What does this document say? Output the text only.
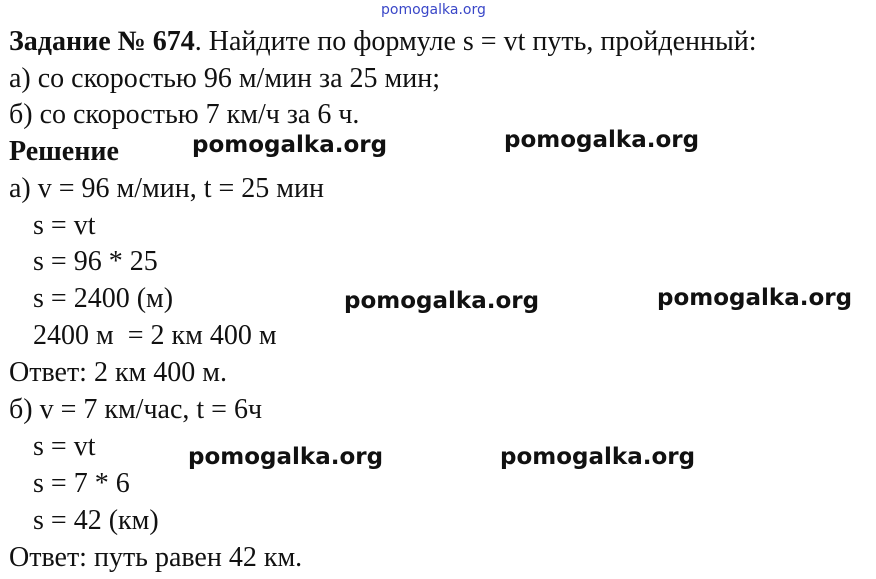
pomogalka.org
Задание № 674. Найдите по формуле s = vt путь, пройденный:
а) со скоростью 96 м/мин за 25 мин;
б) со скоростью 7 км/ч за 6 ч.
Решение
а) v = 96 м/мин, t = 25 мин
s = vt
s = 96 * 25
s = 2400 (м)
2400 м  = 2 км 400 м
Ответ: 2 км 400 м.
б) v = 7 км/час, t = 6ч
s = vt
s = 7 * 6
s = 42 (км)
Ответ: путь равен 42 км.
pomogalka.org	pomogalka.org
pomogalka.org	pomogalka.org
pomogalka.org	pomogalka.org
